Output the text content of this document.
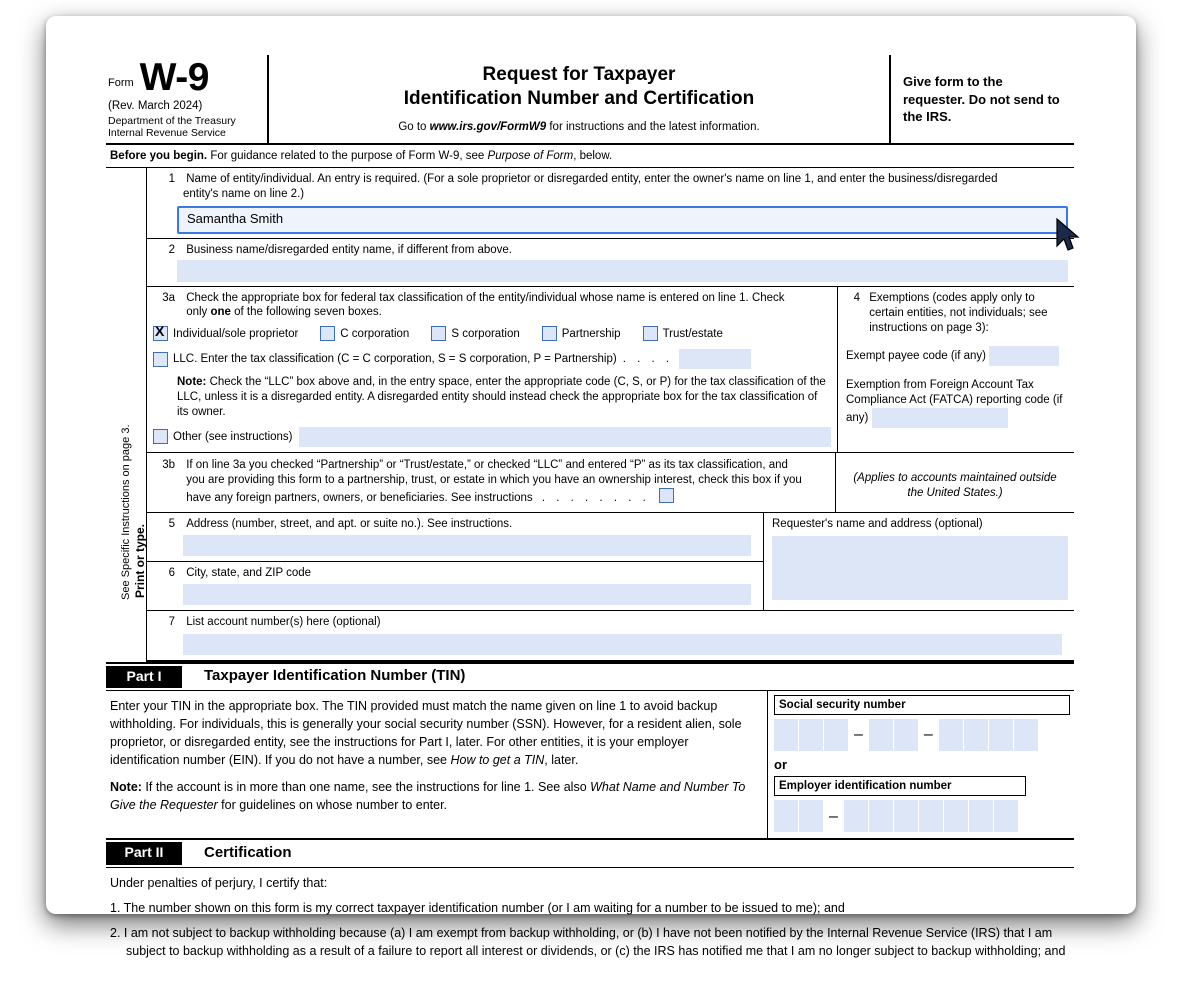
Form W-9
(Rev. March 2024)
Department of the Treasury
Internal Revenue Service
Request for Taxpayer
Identification Number and Certification
Go to www.irs.gov/FormW9 for instructions and the latest information.
Give form to the requester. Do not send to the IRS.
Before you begin. For guidance related to the purpose of Form W-9, see Purpose of Form, below.
Print or type.
See Specific Instructions on page 3.
1 Name of entity/individual. An entry is required. (For a sole proprietor or disregarded entity, enter the owner's name on line 1, and enter the business/disregarded
entity's name on line 2.)
Samantha Smith
2 Business name/disregarded entity name, if different from above.
3a Check the appropriate box for federal tax classification of the entity/individual whose name is entered on line 1. Check only one of the following seven boxes.
X
Individual/sole proprietor	C corporation	S corporation	Partnership	Trust/estate
LLC. Enter the tax classification (C = C corporation, S = S corporation, P = Partnership) . . . .
Note: Check the “LLC” box above and, in the entry space, enter the appropriate code (C, S, or P) for the tax classification of the LLC, unless it is a disregarded entity. A disregarded entity should instead check the appropriate box for the tax classification of its owner.
Other (see instructions)
4 Exemptions (codes apply only to certain entities, not individuals; see instructions on page 3):
Exempt payee code (if any)
Exemption from Foreign Account Tax Compliance Act (FATCA) reporting code (if any)
3b If on line 3a you checked “Partnership” or “Trust/estate,” or checked “LLC” and entered “P” as its tax classification, and you are providing this form to a partnership, trust, or estate in which you have an ownership interest, check this box if you have any foreign partners, owners, or beneficiaries. See instructions . . . . . . . .
(Applies to accounts maintained outside the United States.)
5 Address (number, street, and apt. or suite no.). See instructions.
6 City, state, and ZIP code
Requester's name and address (optional)
7 List account number(s) here (optional)
Part I	Taxpayer Identification Number (TIN)

Enter your TIN in the appropriate box. The TIN provided must match the name given on line 1 to avoid backup withholding. For individuals, this is generally your social security number (SSN). However, for a resident alien, sole proprietor, or disregarded entity, see the instructions for Part I, later. For other entities, it is your employer identification number (EIN). If you do not have a number, see How to get a TIN, later.

Note: If the account is in more than one name, see the instructions for line 1. See also What Name and Number To Give the Requester for guidelines on whose number to enter.

Social security number
–	–
or
Employer identification number
–
Part II	Certification

Under penalties of perjury, I certify that:

1. The number shown on this form is my correct taxpayer identification number (or I am waiting for a number to be issued to me); and

2. I am not subject to backup withholding because (a) I am exempt from backup withholding, or (b) I have not been notified by the Internal Revenue Service (IRS) that I am subject to backup withholding as a result of a failure to report all interest or dividends, or (c) the IRS has notified me that I am no longer subject to backup withholding; and
